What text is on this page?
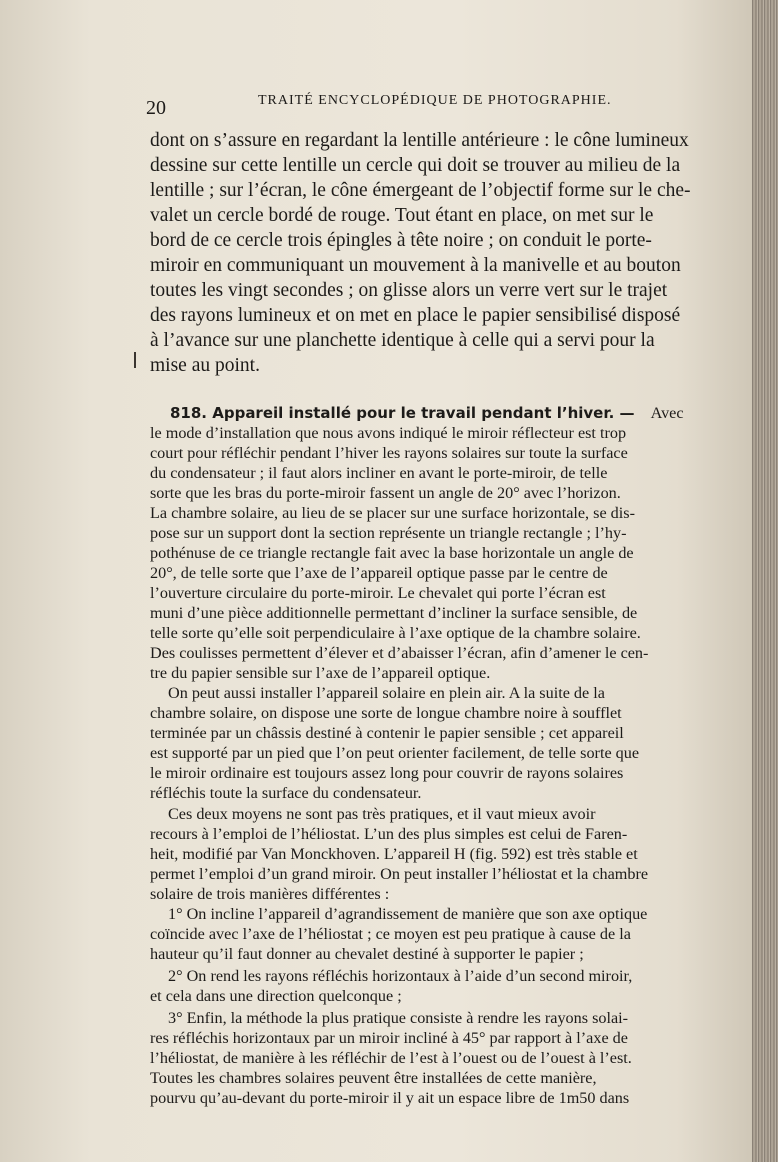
20	TRAITÉ ENCYCLOPÉDIQUE DE PHOTOGRAPHIE.
dont on s’assure en regardant la lentille antérieure : le cône lumineux
dessine sur cette lentille un cercle qui doit se trouver au milieu de la
lentille ; sur l’écran, le cône émergeant de l’objectif forme sur le che-
valet un cercle bordé de rouge. Tout étant en place, on met sur le
bord de ce cercle trois épingles à tête noire ; on conduit le porte-
miroir en communiquant un mouvement à la manivelle et au bouton
toutes les vingt secondes ; on glisse alors un verre vert sur le trajet
des rayons lumineux et on met en place le papier sensibilisé disposé
à l’avance sur une planchette identique à celle qui a servi pour la
mise au point.
818. Appareil installé pour le travail pendant l’hiver. — Avec
le mode d’installation que nous avons indiqué le miroir réflecteur est trop
court pour réfléchir pendant l’hiver les rayons solaires sur toute la surface
du condensateur ; il faut alors incliner en avant le porte-miroir, de telle
sorte que les bras du porte-miroir fassent un angle de 20° avec l’horizon.
La chambre solaire, au lieu de se placer sur une surface horizontale, se dis-
pose sur un support dont la section représente un triangle rectangle ; l’hy-
pothénuse de ce triangle rectangle fait avec la base horizontale un angle de
20°, de telle sorte que l’axe de l’appareil optique passe par le centre de
l’ouverture circulaire du porte-miroir. Le chevalet qui porte l’écran est
muni d’une pièce additionnelle permettant d’incliner la surface sensible, de
telle sorte qu’elle soit perpendiculaire à l’axe optique de la chambre solaire.
Des coulisses permettent d’élever et d’abaisser l’écran, afin d’amener le cen-
tre du papier sensible sur l’axe de l’appareil optique.
On peut aussi installer l’appareil solaire en plein air. A la suite de la
chambre solaire, on dispose une sorte de longue chambre noire à soufflet
terminée par un châssis destiné à contenir le papier sensible ; cet appareil
est supporté par un pied que l’on peut orienter facilement, de telle sorte que
le miroir ordinaire est toujours assez long pour couvrir de rayons solaires
réfléchis toute la surface du condensateur.
Ces deux moyens ne sont pas très pratiques, et il vaut mieux avoir
recours à l’emploi de l’héliostat. L’un des plus simples est celui de Faren-
heit, modifié par Van Monckhoven. L’appareil H (fig. 592) est très stable et
permet l’emploi d’un grand miroir. On peut installer l’héliostat et la chambre
solaire de trois manières différentes :
1° On incline l’appareil d’agrandissement de manière que son axe optique
coïncide avec l’axe de l’héliostat ; ce moyen est peu pratique à cause de la
hauteur qu’il faut donner au chevalet destiné à supporter le papier ;
2° On rend les rayons réfléchis horizontaux à l’aide d’un second miroir,
et cela dans une direction quelconque ;
3° Enfin, la méthode la plus pratique consiste à rendre les rayons solai-
res réfléchis horizontaux par un miroir incliné à 45° par rapport à l’axe de
l’héliostat, de manière à les réfléchir de l’est à l’ouest ou de l’ouest à l’est.
Toutes les chambres solaires peuvent être installées de cette manière,
pourvu qu’au-devant du porte-miroir il y ait un espace libre de 1m50 dans
